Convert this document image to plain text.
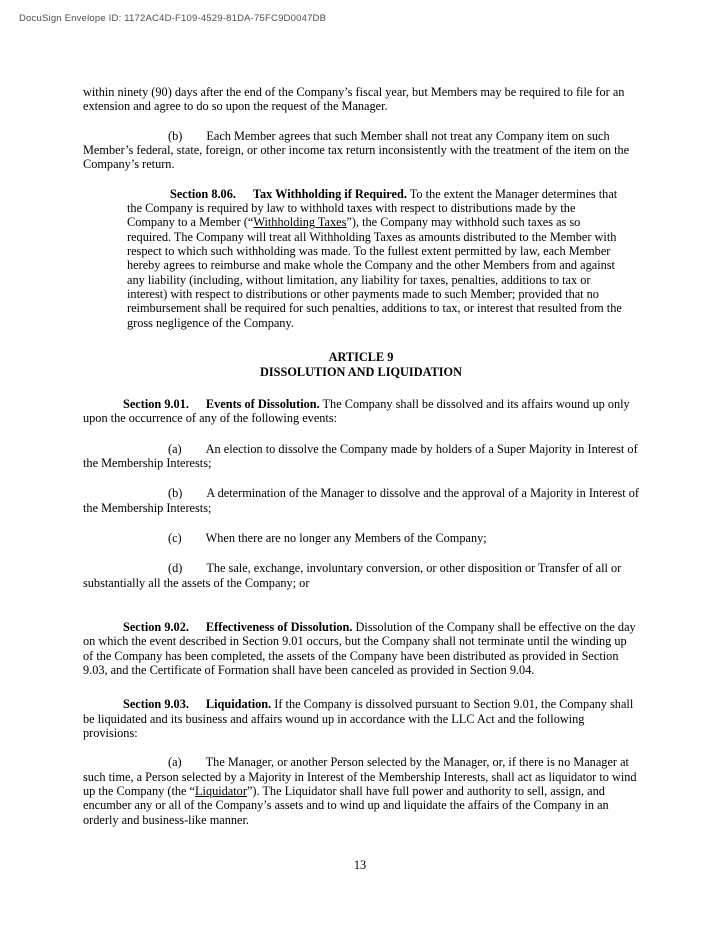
DocuSign Envelope ID: 1172AC4D-F109-4529-81DA-75FC9D0047DB

within ninety (90) days after the end of the Company’s fiscal year, but Members may be required to file for an extension and agree to do so upon the request of the Manager.

(b) Each Member agrees that such Member shall not treat any Company item on such Member’s federal, state, foreign, or other income tax return inconsistently with the treatment of the item on the Company’s return.

Section 8.06. Tax Withholding if Required. To the extent the Manager determines that the Company is required by law to withhold taxes with respect to distributions made by the Company to a Member (“Withholding Taxes”), the Company may withhold such taxes as so required. The Company will treat all Withholding Taxes as amounts distributed to the Member with respect to which such withholding was made. To the fullest extent permitted by law, each Member hereby agrees to reimburse and make whole the Company and the other Members from and against any liability (including, without limitation, any liability for taxes, penalties, additions to tax or interest) with respect to distributions or other payments made to such Member; provided that no reimbursement shall be required for such penalties, additions to tax, or interest that resulted from the gross negligence of the Company.

ARTICLE 9
DISSOLUTION AND LIQUIDATION

Section 9.01. Events of Dissolution. The Company shall be dissolved and its affairs wound up only upon the occurrence of any of the following events:

(a) An election to dissolve the Company made by holders of a Super Majority in Interest of the Membership Interests;

(b) A determination of the Manager to dissolve and the approval of a Majority in Interest of the Membership Interests;

(c) When there are no longer any Members of the Company;

(d) The sale, exchange, involuntary conversion, or other disposition or Transfer of all or substantially all the assets of the Company; or

Section 9.02. Effectiveness of Dissolution. Dissolution of the Company shall be effective on the day on which the event described in Section 9.01 occurs, but the Company shall not terminate until the winding up of the Company has been completed, the assets of the Company have been distributed as provided in Section 9.03, and the Certificate of Formation shall have been canceled as provided in Section 9.04.

Section 9.03. Liquidation. If the Company is dissolved pursuant to Section 9.01, the Company shall be liquidated and its business and affairs wound up in accordance with the LLC Act and the following provisions:

(a) The Manager, or another Person selected by the Manager, or, if there is no Manager at such time, a Person selected by a Majority in Interest of the Membership Interests, shall act as liquidator to wind up the Company (the “Liquidator”). The Liquidator shall have full power and authority to sell, assign, and encumber any or all of the Company’s assets and to wind up and liquidate the affairs of the Company in an orderly and business-like manner.

13
